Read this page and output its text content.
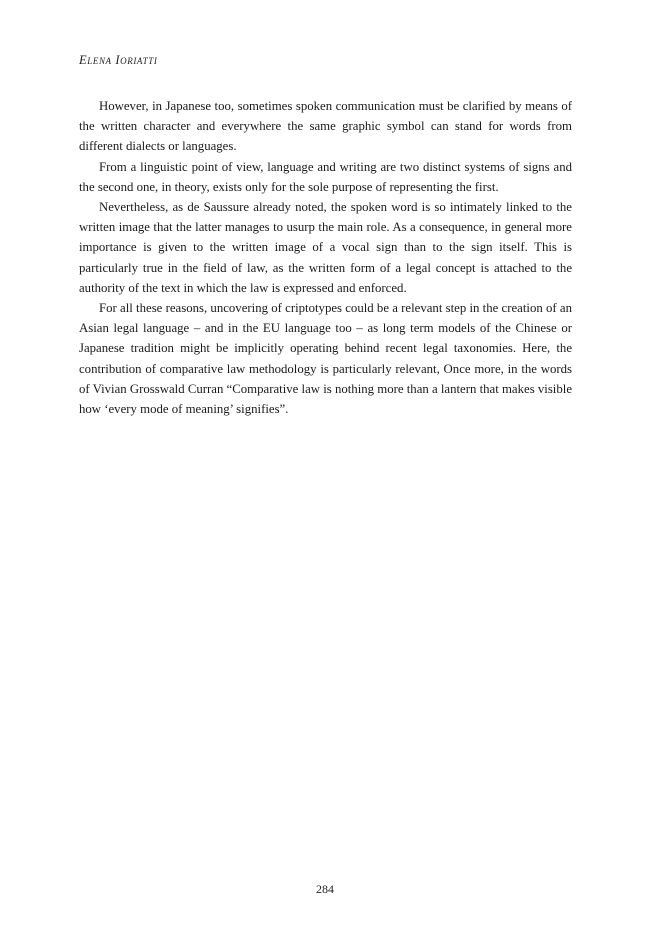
Elena Ioriatti

However, in Japanese too, sometimes spoken communication must be clarified by means of the written character and everywhere the same graphic symbol can stand for words from different dialects or languages.

From a linguistic point of view, language and writing are two distinct systems of signs and the second one, in theory, exists only for the sole purpose of representing the first.

Nevertheless, as de Saussure already noted, the spoken word is so intimately linked to the written image that the latter manages to usurp the main role. As a consequence, in general more importance is given to the written image of a vocal sign than to the sign itself. This is particularly true in the field of law, as the written form of a legal concept is attached to the authority of the text in which the law is expressed and enforced.

For all these reasons, uncovering of criptotypes could be a relevant step in the creation of an Asian legal language – and in the EU language too – as long term models of the Chinese or Japanese tradition might be implicitly operating behind recent legal taxonomies. Here, the contribution of comparative law methodology is particularly relevant, Once more, in the words of Vivian Grosswald Curran “Comparative law is nothing more than a lantern that makes visible how ‘every mode of meaning’ signifies”.

284
